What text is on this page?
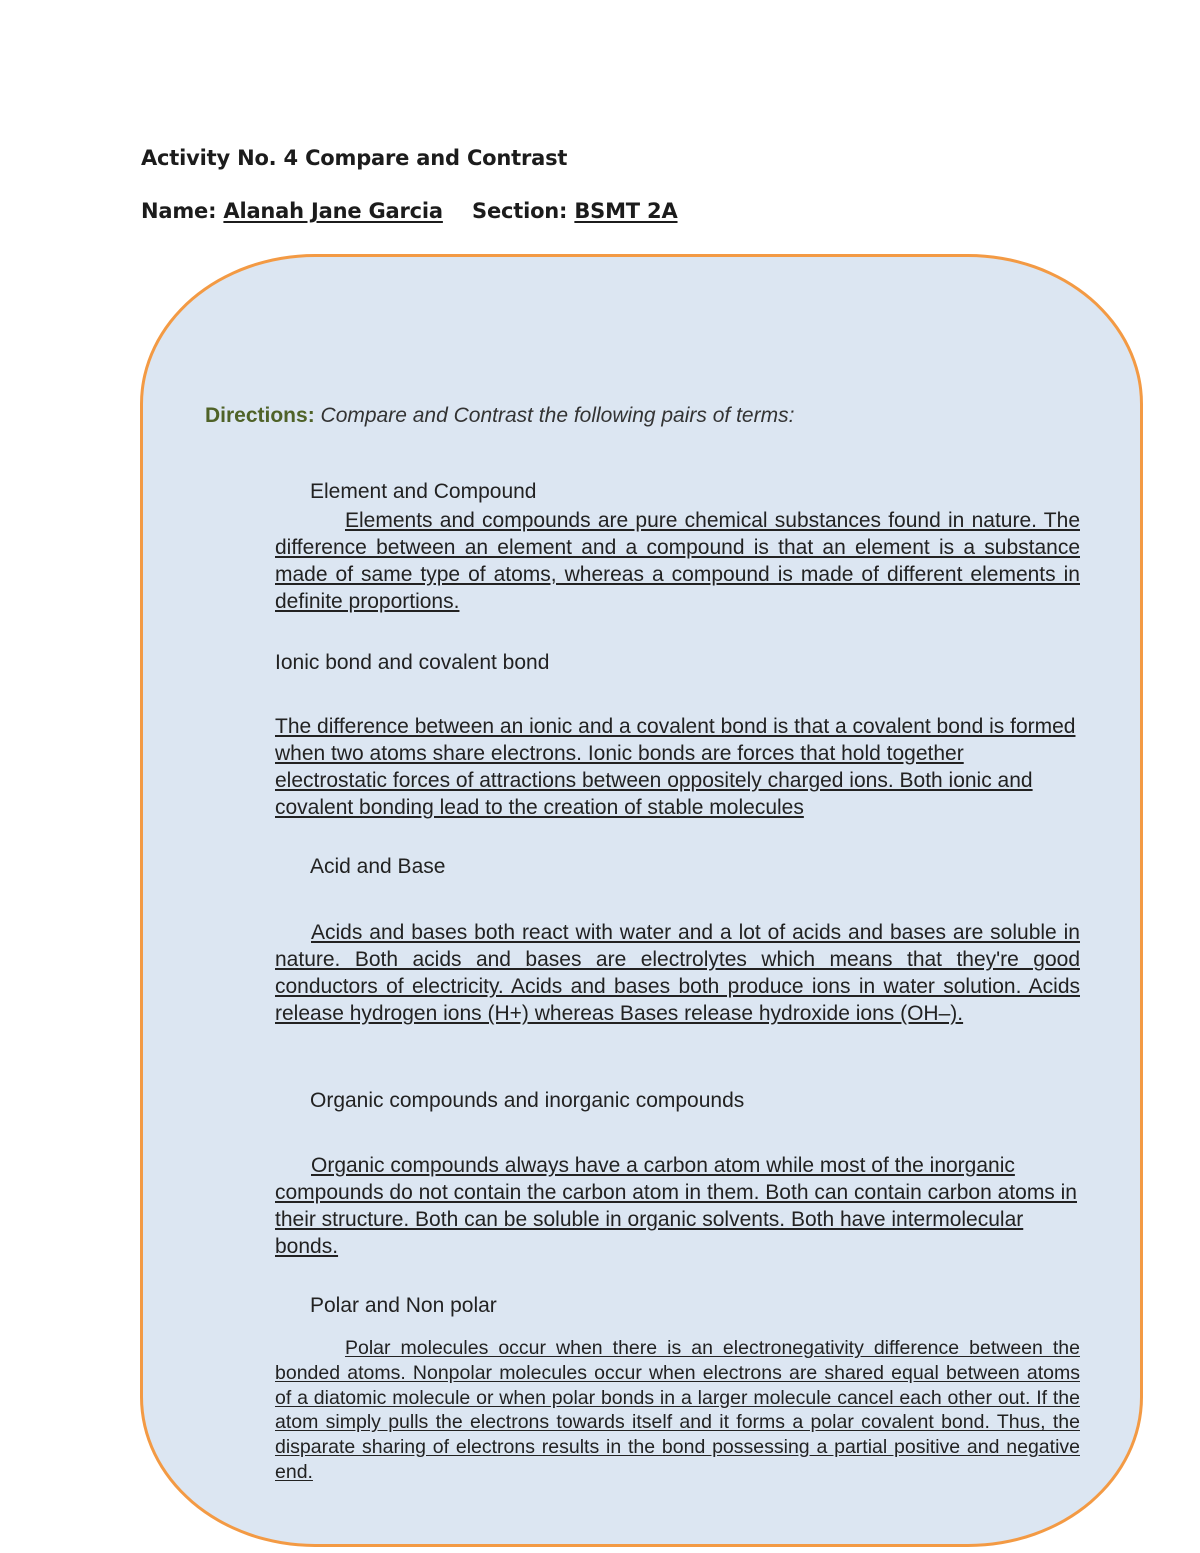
Activity No. 4 Compare and Contrast
Name: Alanah Jane Garcia Section: BSMT 2A
Directions: Compare and Contrast the following pairs of terms:
Element and Compound
Elements and compounds are pure chemical substances found in nature. The difference between an element and a compound is that an element is a substance made of same type of atoms, whereas a compound is made of different elements in definite proportions.
Ionic bond and covalent bond
The difference between an ionic and a covalent bond is that a covalent bond is formed when two atoms share electrons. Ionic bonds are forces that hold together electrostatic forces of attractions between oppositely charged ions. Both ionic and covalent bonding lead to the creation of stable molecules
Acid and Base
Acids and bases both react with water and a lot of acids and bases are soluble in nature. Both acids and bases are electrolytes which means that they're good conductors of electricity. Acids and bases both produce ions in water solution. Acids release hydrogen ions (H+) whereas Bases release hydroxide ions (OH–).
Organic compounds and inorganic compounds
Organic compounds always have a carbon atom while most of the inorganic compounds do not contain the carbon atom in them. Both can contain carbon atoms in their structure. Both can be soluble in organic solvents. Both have intermolecular bonds.
Polar and Non polar
Polar molecules occur when there is an electronegativity difference between the bonded atoms. Nonpolar molecules occur when electrons are shared equal between atoms of a diatomic molecule or when polar bonds in a larger molecule cancel each other out. If the atom simply pulls the electrons towards itself and it forms a polar covalent bond. Thus, the disparate sharing of electrons results in the bond possessing a partial positive and negative end.
